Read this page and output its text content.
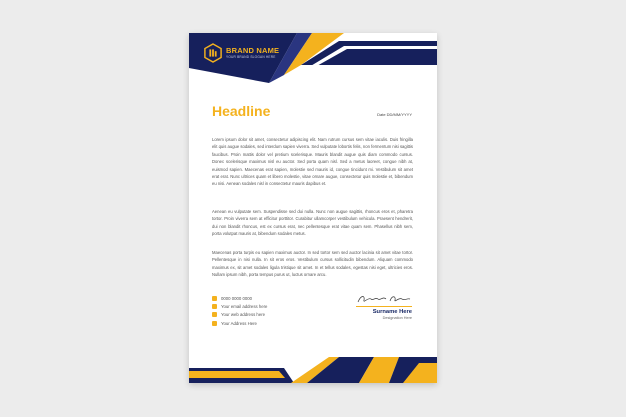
BRAND NAME
YOUR BRAND SLOGAN HERE
Headline	Date DD/MM/YYYY

Lorem ipsum dolor sit amet, consectetur adipiscing elit. Nam rutrum cursus sem vitae iaculis. Duis fringilla elit quis augue sodales, sed interdum sapien viverra. Sed vulputate lobortis felis, non fermentum nisi sagittis faucibus. Proin mattis dolor vel pretium scelerisque. Mauris blandit augue quis diam commodo cursus. Donec scelerisque maximus nisl eu auctor. Sed porta quam nisl. Sed a metus laoreet, congue nibh at, euismod sapien. Maecenas erat sapien, molestie sed mauris id, congue tincidunt mi. Vestibulum sit amet erat erat. Nunc ultrices quam et libero molestie, vitae ornare augue, consectetur quis molestie et, bibendum eu nisi. Aenean sodales nisl in consectetur mauris dapibus et.

Aenean eu vulputate sem. Suspendisse sed dui nulla. Nunc non augue sagittis, rhoncus eros et, pharetra tortor. Proin viverra sem at efficitur porttitor. Curabitur ullamcorper vestibulum vehicula. Praesent hendrerit, dui non blandit rhoncus, est ex cursus erat, nec pellentesque erat vitae quam sem. Phasellus nibh sem, porta volutpat mauris at, bibendum sodales metus.

Maecenas porta turpis eu sapien maximus auctor. In sed tortor sem sed auctor lacinia sit amet vitae tortor. Pellentesque in nisi nulla. In sit eros eros. Vestibulum cursus sollicitudin bibendum. Aliquam commodo maximus ex, sit amet sodales ligula tristique sit amet. In et tellus sodales, egestas nisi eget, ultricies eros. Nullam ipsum nibh, porta tempus purus ut, luctus ornare arcu.

0000 0000 0000
Your email address here
Your web address here
Your Address Here
Surname Here
Designation Here
